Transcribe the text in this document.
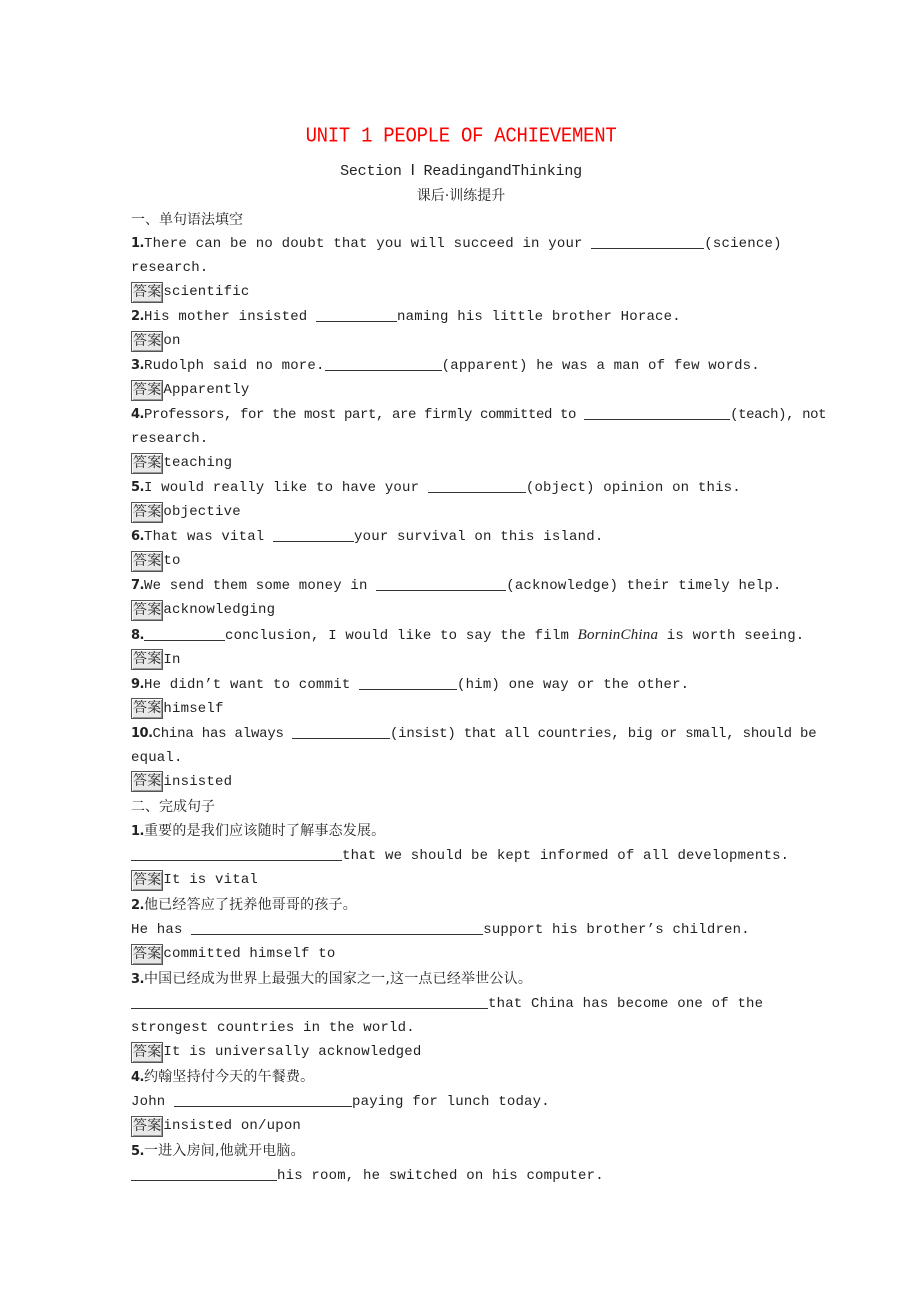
UNIT 1 PEOPLE OF ACHIEVEMENT
Section Ⅰ ReadingandThinking
课后·训练提升
一、单句语法填空
1.There can be no doubt that you will succeed in your	(science)
research.
答案 scientific
2.His mother insisted	naming his little brother Horace.
答案 on
3.Rudolph said no more.	(apparent) he was a man of few words.
答案 Apparently
4.Professors, for the most part, are firmly committed to	(teach), not
research.
答案 teaching
5.I would really like to have your	(object) opinion on this.
答案 objective
6.That was vital	your survival on this island.
答案 to
7.We send them some money in	(acknowledge) their timely help.
答案 acknowledging
8.	conclusion, I would like to say the film BorninChina is worth seeing.
答案 In
9.He didn’t want to commit	(him) one way or the other.
答案 himself
10.China has always	(insist) that all countries, big or small, should be
equal.
答案 insisted
二、完成句子
1.重要的是我们应该随时了解事态发展。
that we should be kept informed of all developments.
答案 It is vital
2.他已经答应了抚养他哥哥的孩子。
He has	support his brother’s children.
答案 committed himself to
3.中国已经成为世界上最强大的国家之一,这一点已经举世公认。
that China has become one of the
strongest countries in the world.
答案 It is universally acknowledged
4.约翰坚持付今天的午餐费。
John	paying for lunch today.
答案 insisted on/upon
5.一进入房间,他就开电脑。
his room, he switched on his computer.
